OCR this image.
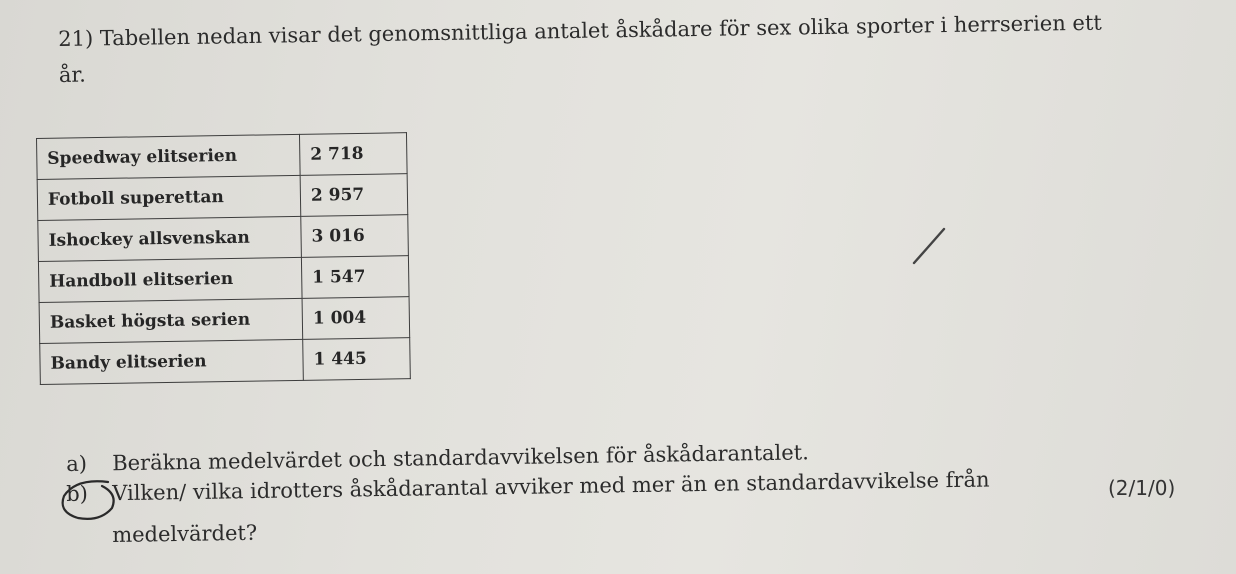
21) Tabellen nedan visar det genomsnittliga antalet åskådare för sex olika sporter i herrserien ett
år.
Speedway elitserien	2 718
Fotboll superettan	2 957
Ishockey allsvenskan	3 016
Handboll elitserien	1 547
Basket högsta serien	1 004
Bandy elitserien	1 445

a) Beräkna medelvärdet och standardavvikelsen för åskådarantalet.

b) Vilken/ vilka idrotters åskådarantal avviker med mer än en standardavvikelse från

medelvärdet?

(2/1/0)
